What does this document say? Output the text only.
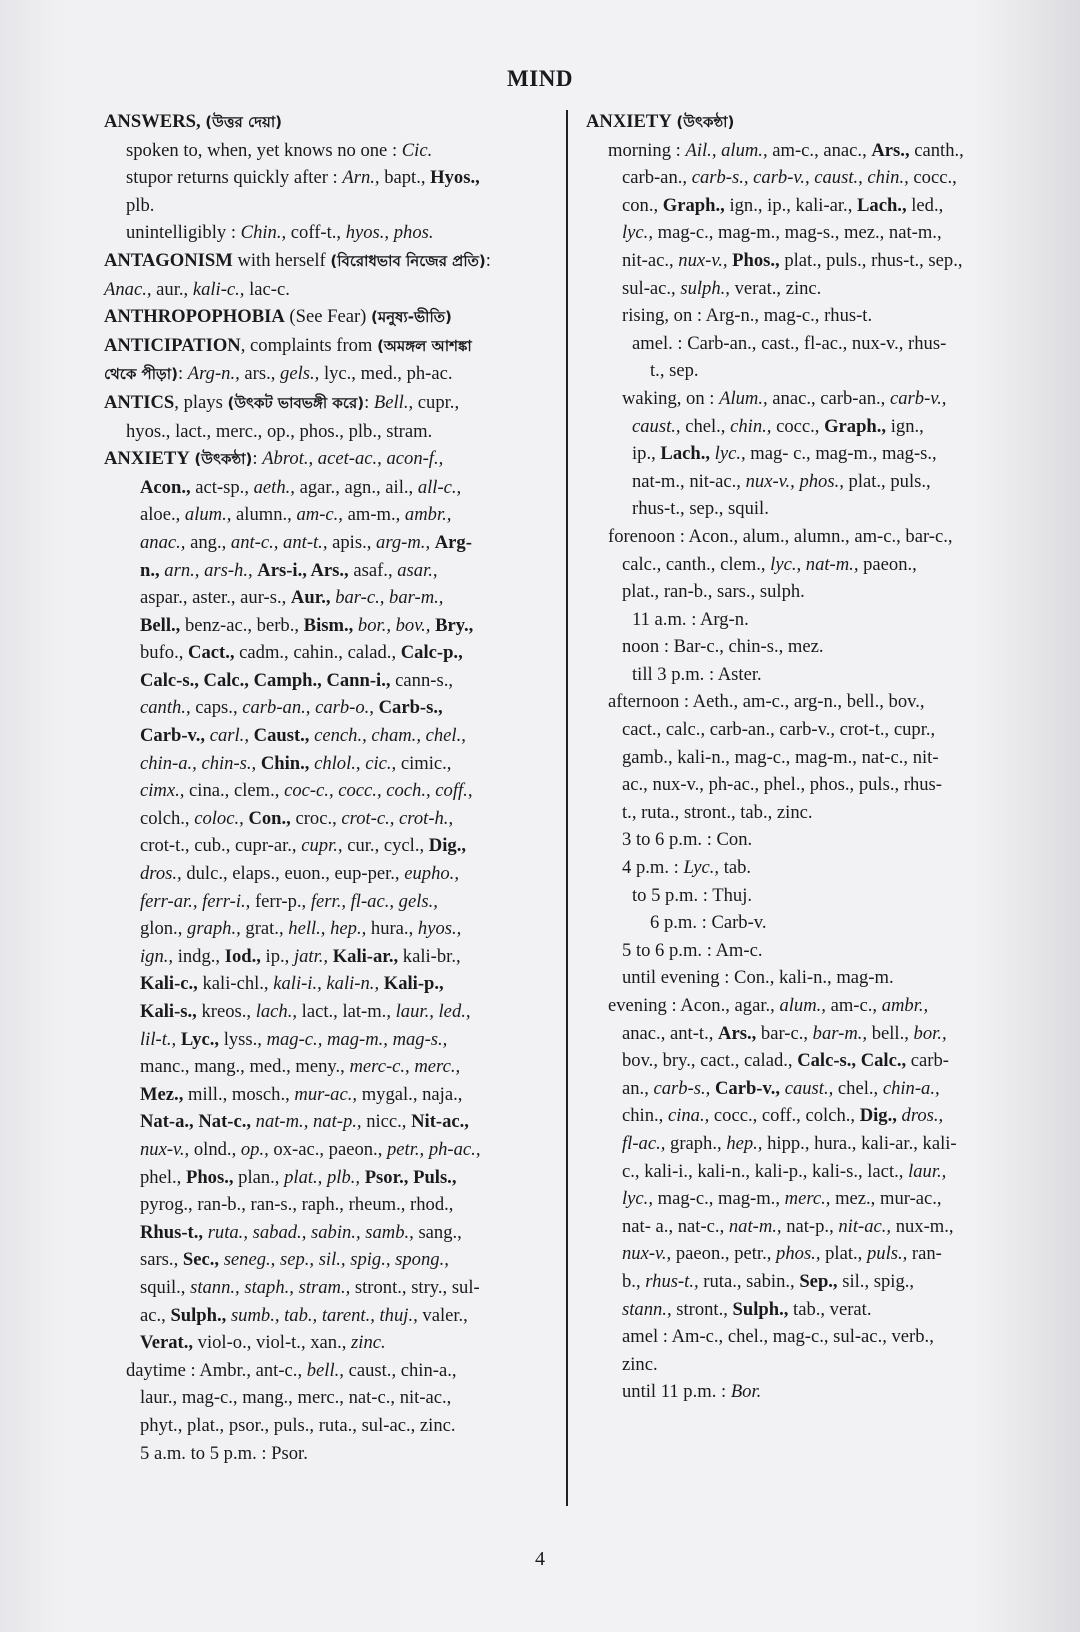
MIND
ANSWERS, (উত্তর দেয়া)
spoken to, when, yet knows no one : Cic.
stupor returns quickly after : Arn., bapt., Hyos.,
plb.
unintelligibly : Chin., coff-t., hyos., phos.
ANTAGONISM with herself (বিরোধভাব নিজের প্রতি):
Anac., aur., kali-c., lac-c.
ANTHROPOPHOBIA (See Fear) (মনুষ্য-ভীতি)
ANTICIPATION, complaints from (অমঙ্গল আশঙ্কা
থেকে পীড়া): Arg-n., ars., gels., lyc., med., ph-ac.
ANTICS, plays (উৎকট ভাবভঙ্গী করে): Bell., cupr.,
hyos., lact., merc., op., phos., plb., stram.
ANXIETY (উৎকন্ঠা): Abrot., acet-ac., acon-f.,
Acon., act-sp., aeth., agar., agn., ail., all-c.,
aloe., alum., alumn., am-c., am-m., ambr.,
anac., ang., ant-c., ant-t., apis., arg-m., Arg-
n., arn., ars-h., Ars-i., Ars., asaf., asar.,
aspar., aster., aur-s., Aur., bar-c., bar-m.,
Bell., benz-ac., berb., Bism., bor., bov., Bry.,
bufo., Cact., cadm., cahin., calad., Calc-p.,
Calc-s., Calc., Camph., Cann-i., cann-s.,
canth., caps., carb-an., carb-o., Carb-s.,
Carb-v., carl., Caust., cench., cham., chel.,
chin-a., chin-s., Chin., chlol., cic., cimic.,
cimx., cina., clem., coc-c., cocc., coch., coff.,
colch., coloc., Con., croc., crot-c., crot-h.,
crot-t., cub., cupr-ar., cupr., cur., cycl., Dig.,
dros., dulc., elaps., euon., eup-per., eupho.,
ferr-ar., ferr-i., ferr-p., ferr., fl-ac., gels.,
glon., graph., grat., hell., hep., hura., hyos.,
ign., indg., Iod., ip., jatr., Kali-ar., kali-br.,
Kali-c., kali-chl., kali-i., kali-n., Kali-p.,
Kali-s., kreos., lach., lact., lat-m., laur., led.,
lil-t., Lyc., lyss., mag-c., mag-m., mag-s.,
manc., mang., med., meny., merc-c., merc.,
Mez., mill., mosch., mur-ac., mygal., naja.,
Nat-a., Nat-c., nat-m., nat-p., nicc., Nit-ac.,
nux-v., olnd., op., ox-ac., paeon., petr., ph-ac.,
phel., Phos., plan., plat., plb., Psor., Puls.,
pyrog., ran-b., ran-s., raph., rheum., rhod.,
Rhus-t., ruta., sabad., sabin., samb., sang.,
sars., Sec., seneg., sep., sil., spig., spong.,
squil., stann., staph., stram., stront., stry., sul-
ac., Sulph., sumb., tab., tarent., thuj., valer.,
Verat., viol-o., viol-t., xan., zinc.
daytime : Ambr., ant-c., bell., caust., chin-a.,
laur., mag-c., mang., merc., nat-c., nit-ac.,
phyt., plat., psor., puls., ruta., sul-ac., zinc.
5 a.m. to 5 p.m. : Psor.
ANXIETY (উৎকন্ঠা)
morning : Ail., alum., am-c., anac., Ars., canth.,
carb-an., carb-s., carb-v., caust., chin., cocc.,
con., Graph., ign., ip., kali-ar., Lach., led.,
lyc., mag-c., mag-m., mag-s., mez., nat-m.,
nit-ac., nux-v., Phos., plat., puls., rhus-t., sep.,
sul-ac., sulph., verat., zinc.
rising, on : Arg-n., mag-c., rhus-t.
amel. : Carb-an., cast., fl-ac., nux-v., rhus-
t., sep.
waking, on : Alum., anac., carb-an., carb-v.,
caust., chel., chin., cocc., Graph., ign.,
ip., Lach., lyc., mag- c., mag-m., mag-s.,
nat-m., nit-ac., nux-v., phos., plat., puls.,
rhus-t., sep., squil.
forenoon : Acon., alum., alumn., am-c., bar-c.,
calc., canth., clem., lyc., nat-m., paeon.,
plat., ran-b., sars., sulph.
11 a.m. : Arg-n.
noon : Bar-c., chin-s., mez.
till 3 p.m. : Aster.
afternoon : Aeth., am-c., arg-n., bell., bov.,
cact., calc., carb-an., carb-v., crot-t., cupr.,
gamb., kali-n., mag-c., mag-m., nat-c., nit-
ac., nux-v., ph-ac., phel., phos., puls., rhus-
t., ruta., stront., tab., zinc.
3 to 6 p.m. : Con.
4 p.m. : Lyc., tab.
to 5 p.m. : Thuj.
6 p.m. : Carb-v.
5 to 6 p.m. : Am-c.
until evening : Con., kali-n., mag-m.
evening : Acon., agar., alum., am-c., ambr.,
anac., ant-t., Ars., bar-c., bar-m., bell., bor.,
bov., bry., cact., calad., Calc-s., Calc., carb-
an., carb-s., Carb-v., caust., chel., chin-a.,
chin., cina., cocc., coff., colch., Dig., dros.,
fl-ac., graph., hep., hipp., hura., kali-ar., kali-
c., kali-i., kali-n., kali-p., kali-s., lact., laur.,
lyc., mag-c., mag-m., merc., mez., mur-ac.,
nat- a., nat-c., nat-m., nat-p., nit-ac., nux-m.,
nux-v., paeon., petr., phos., plat., puls., ran-
b., rhus-t., ruta., sabin., Sep., sil., spig.,
stann., stront., Sulph., tab., verat.
amel : Am-c., chel., mag-c., sul-ac., verb.,
zinc.
until 11 p.m. : Bor.
4
